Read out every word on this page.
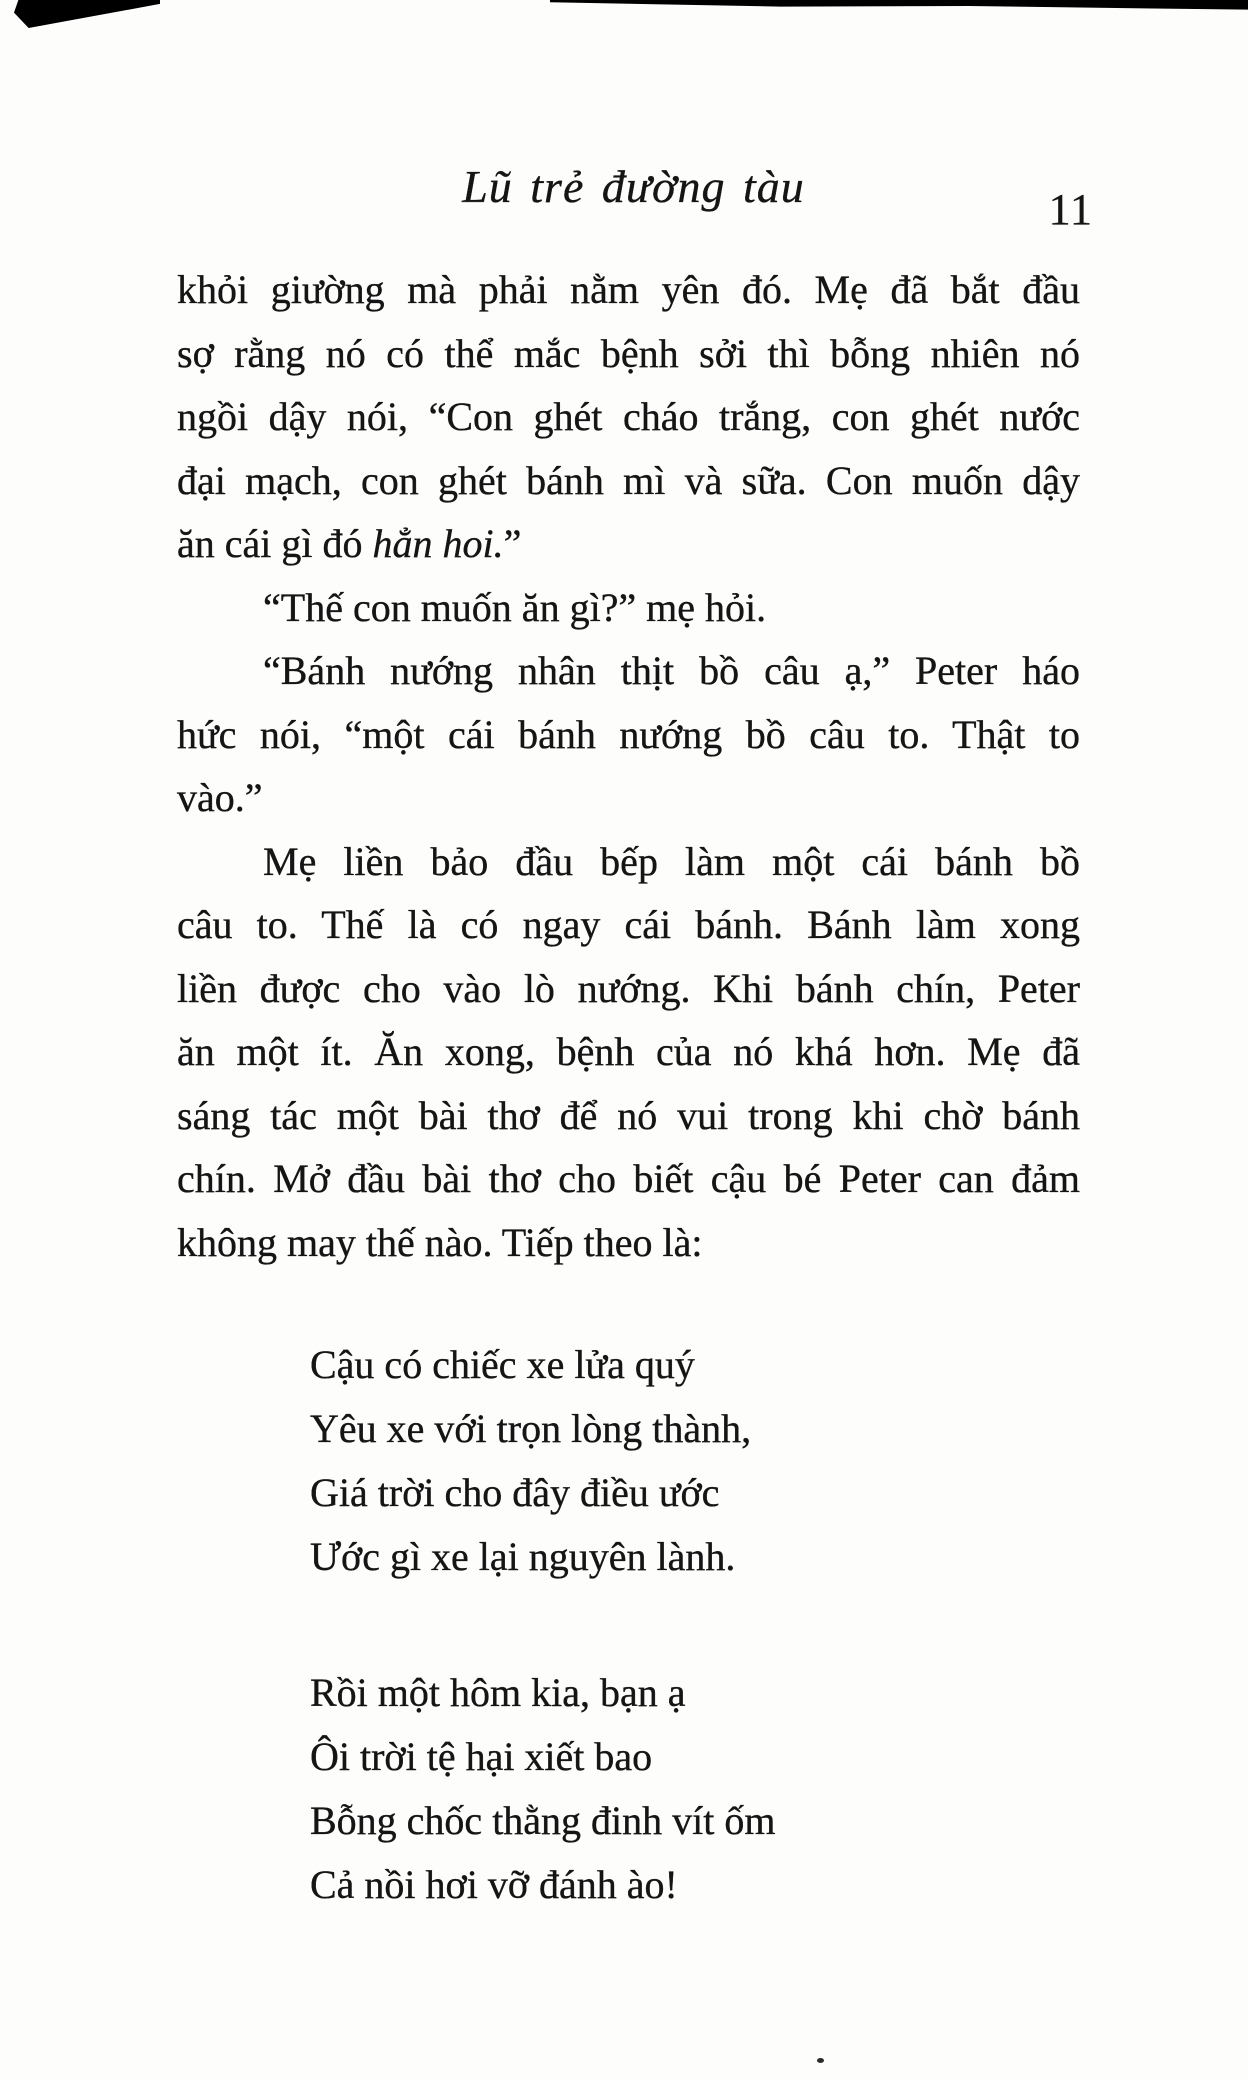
Lũ trẻ đường tàu	11
khỏi giường mà phải nằm yên đó. Mẹ đã bắt đầu
sợ rằng nó có thể mắc bệnh sởi thì bỗng nhiên nó
ngồi dậy nói, “Con ghét cháo trắng, con ghét nước
đại mạch, con ghét bánh mì và sữa. Con muốn dậy
ăn cái gì đó hẳn hoi.”
“Thế con muốn ăn gì?” mẹ hỏi.
“Bánh nướng nhân thịt bồ câu ạ,” Peter háo
hức nói, “một cái bánh nướng bồ câu to. Thật to
vào.”
Mẹ liền bảo đầu bếp làm một cái bánh bồ
câu to. Thế là có ngay cái bánh. Bánh làm xong
liền được cho vào lò nướng. Khi bánh chín, Peter
ăn một ít. Ăn xong, bệnh của nó khá hơn. Mẹ đã
sáng tác một bài thơ để nó vui trong khi chờ bánh
chín. Mở đầu bài thơ cho biết cậu bé Peter can đảm
không may thế nào. Tiếp theo là:
Cậu có chiếc xe lửa quý
Yêu xe với trọn lòng thành,
Giá trời cho đây điều ước
Ước gì xe lại nguyên lành.
Rồi một hôm kia, bạn ạ
Ôi trời tệ hại xiết bao
Bỗng chốc thằng đinh vít ốm
Cả nồi hơi vỡ đánh ào!
